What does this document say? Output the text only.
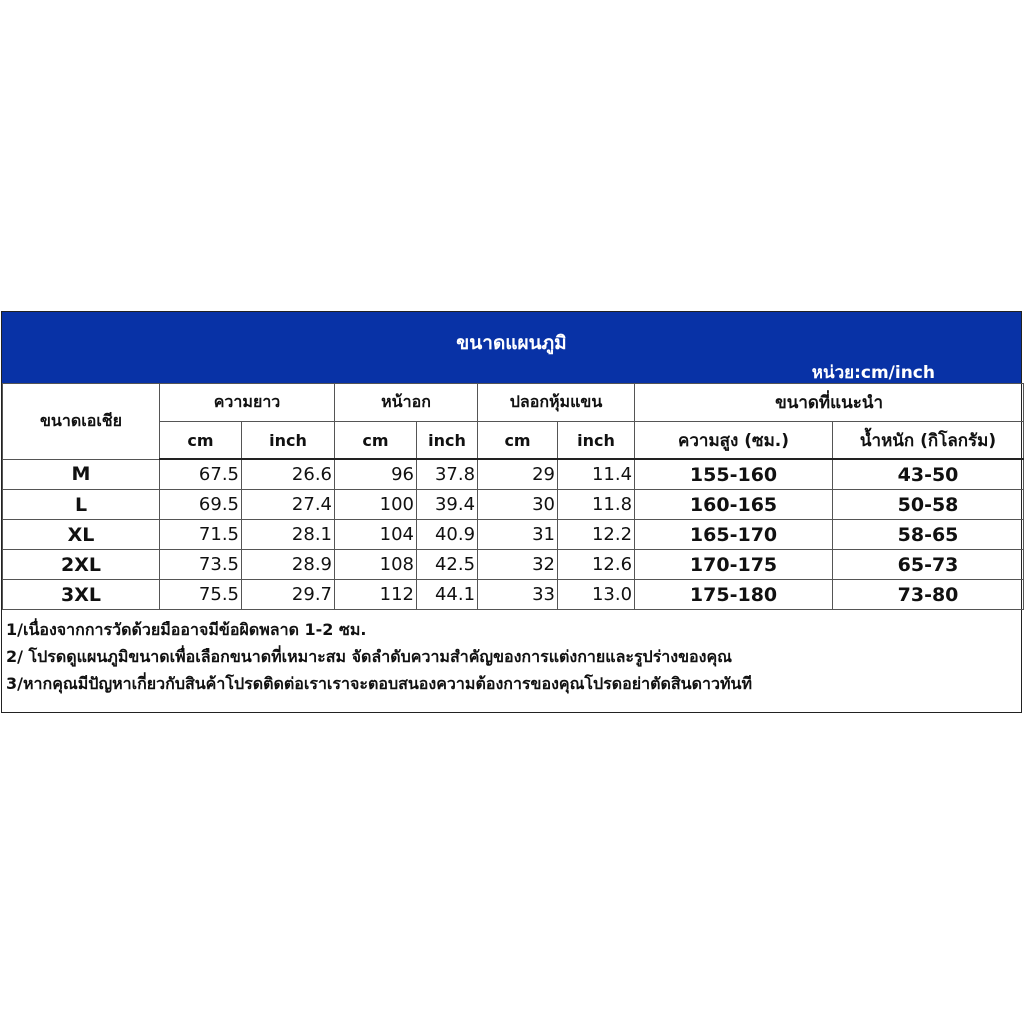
ขนาดแผนภูมิ
หน่วย:cm/inch
ขนาดเอเชีย	ความยาว		หน้าอก		ปลอกหุ้มแขน		ขนาดที่แนะนำ	
	cm	inch	cm	inch	cm	inch	ความสูง (ซม.)	น้ำหนัก (กิโลกรัม)
M	67.5	26.6	96	37.8	29	11.4	155-160	43-50
L	69.5	27.4	100	39.4	30	11.8	160-165	50-58
XL	71.5	28.1	104	40.9	31	12.2	165-170	58-65
2XL	73.5	28.9	108	42.5	32	12.6	170-175	65-73
3XL	75.5	29.7	112	44.1	33	13.0	175-180	73-80
1/เนื่องจากการวัดด้วยมืออาจมีข้อผิดพลาด 1-2 ซม.
2/ โปรดดูแผนภูมิขนาดเพื่อเลือกขนาดที่เหมาะสม จัดลำดับความสำคัญของการแต่งกายและรูปร่างของคุณ
3/หากคุณมีปัญหาเกี่ยวกับสินค้าโปรดติดต่อเราเราจะตอบสนองความต้องการของคุณโปรดอย่าตัดสินดาวทันที
